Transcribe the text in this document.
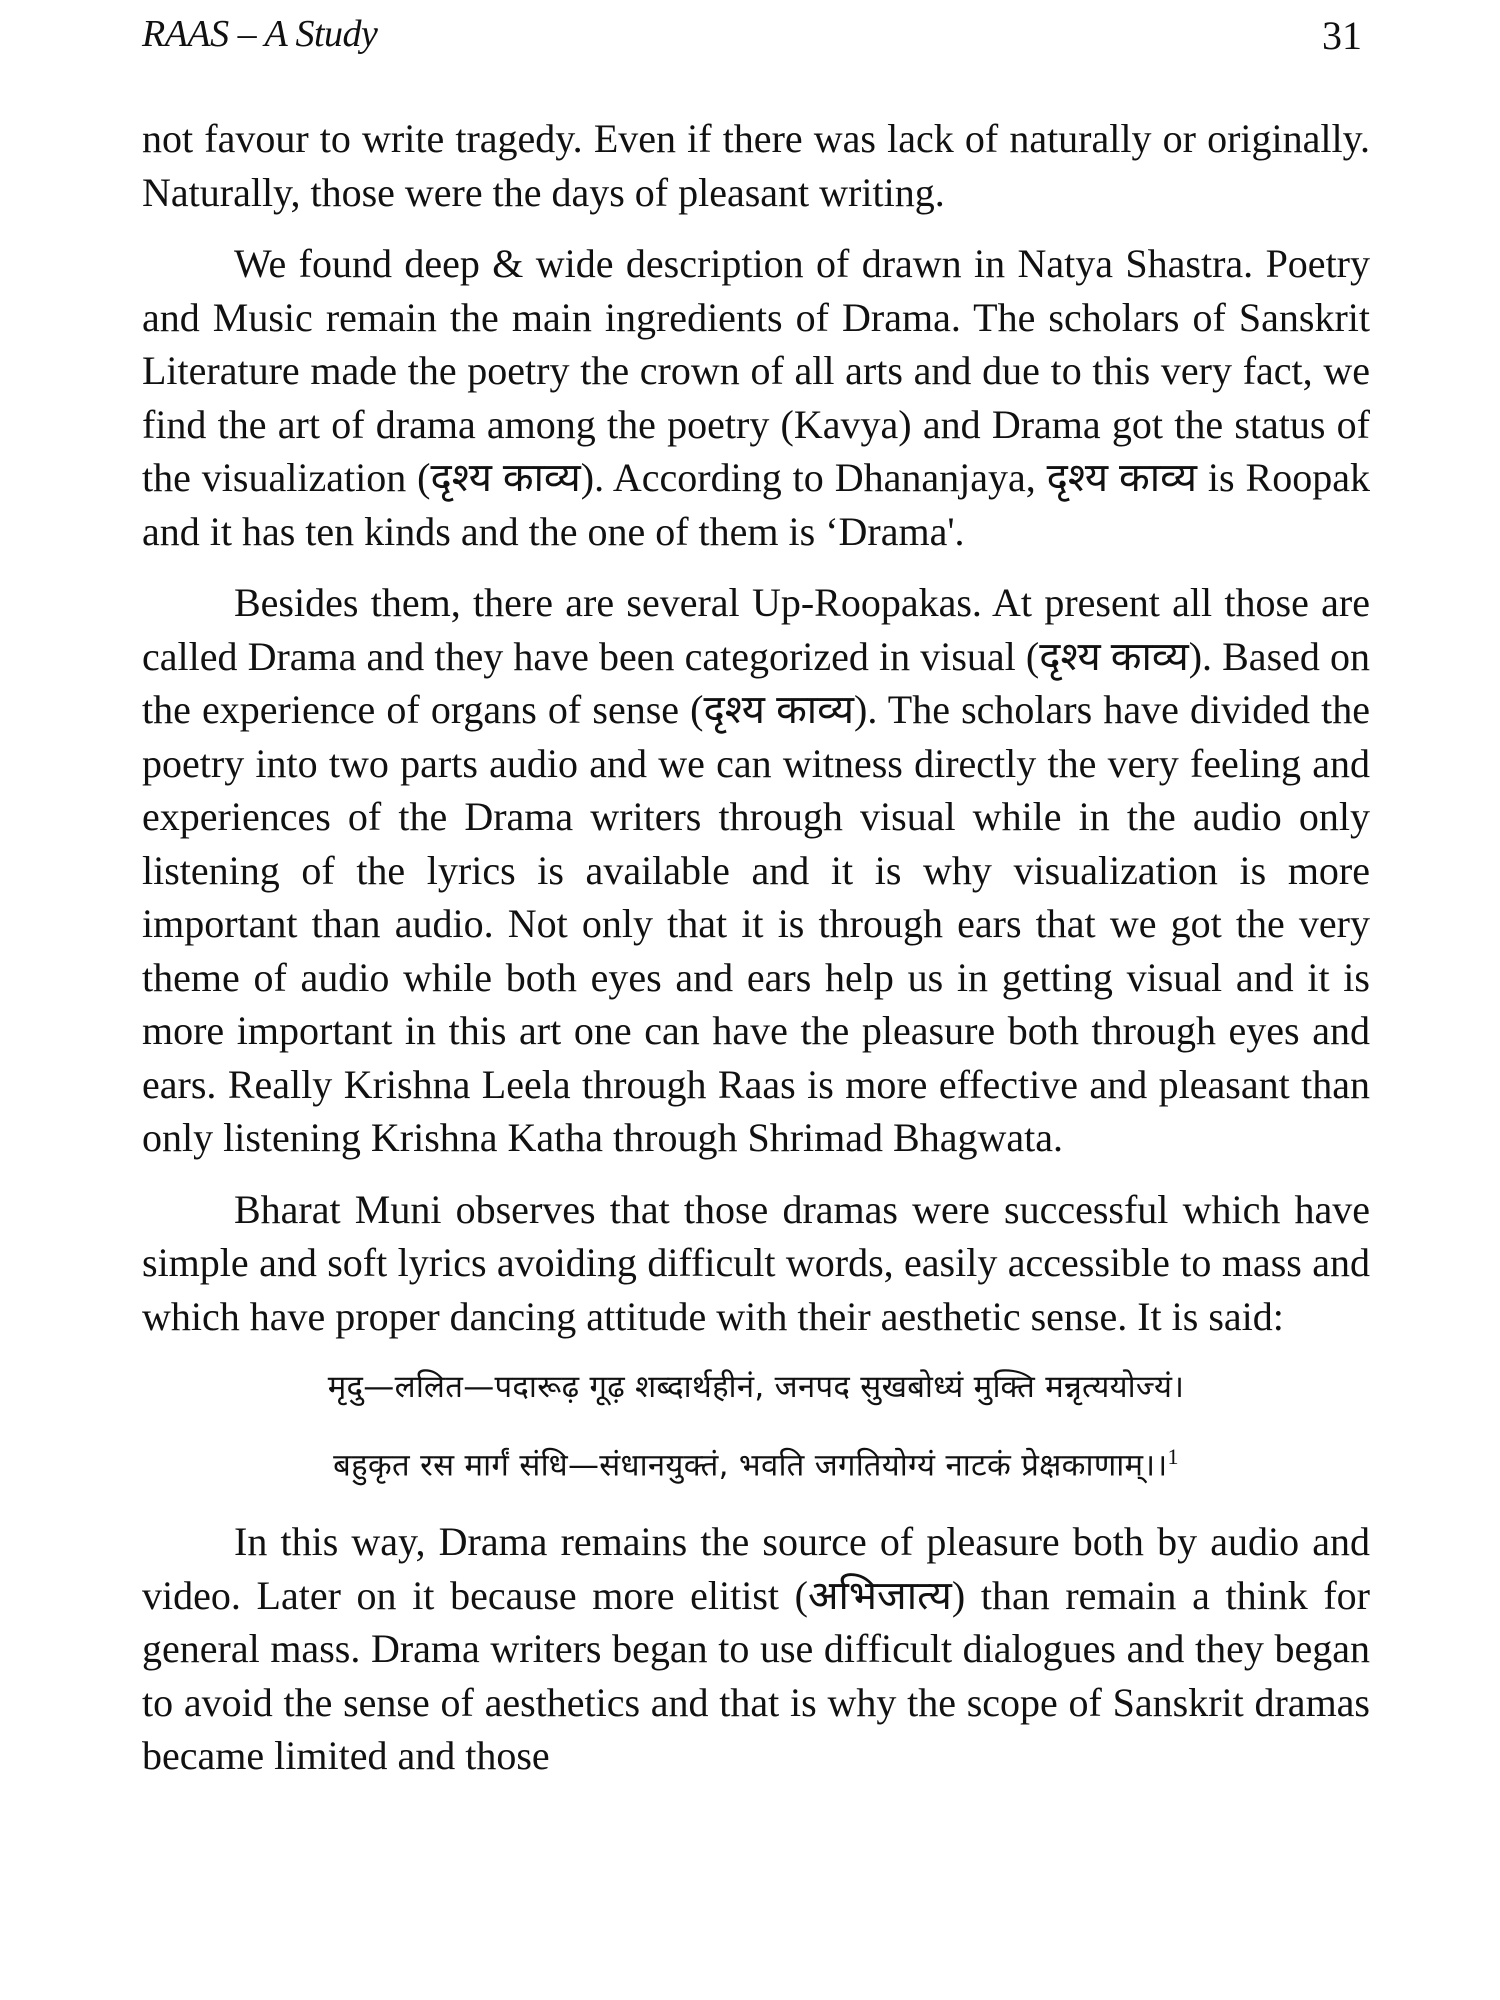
RAAS – A Study	31

not favour to write tragedy. Even if there was lack of naturally or originally. Naturally, those were the days of pleasant writing.

We found deep & wide description of drawn in Natya Shastra. Poetry and Music remain the main ingredients of Drama. The scholars of Sanskrit Literature made the poetry the crown of all arts and due to this very fact, we find the art of drama among the poetry (Kavya) and Drama got the status of the visualization (दृश्य काव्य). According to Dhananjaya, दृश्य काव्य is Roopak and it has ten kinds and the one of them is ‘Drama'.

Besides them, there are several Up-Roopakas. At present all those are called Drama and they have been categorized in visual (दृश्य काव्य). Based on the experience of organs of sense (दृश्य काव्य). The scholars have divided the poetry into two parts audio and we can witness directly the very feeling and experiences of the Drama writers through visual while in the audio only listening of the lyrics is available and it is why visualization is more important than audio. Not only that it is through ears that we got the very theme of audio while both eyes and ears help us in getting visual and it is more important in this art one can have the pleasure both through eyes and ears. Really Krishna Leela through Raas is more effective and pleasant than only listening Krishna Katha through Shrimad Bhagwata.

Bharat Muni observes that those dramas were successful which have simple and soft lyrics avoiding difficult words, easily accessible to mass and which have proper dancing attitude with their aesthetic sense. It is said:

मृदु—ललित—पदारूढ़ गूढ़ शब्दार्थहीनं, जनपद सुखबोध्यं मुक्ति मन्नृत्ययोज्यं।
बहुकृत रस मार्गं संधि—संधानयुक्तं, भवति जगतियोग्यं नाटकं प्रेक्षकाणाम्।।$^1$

In this way, Drama remains the source of pleasure both by audio and video. Later on it because more elitist (अभिजात्य) than remain a think for general mass. Drama writers began to use difficult dialogues and they began to avoid the sense of aesthetics and that is why the scope of Sanskrit dramas became limited and those
